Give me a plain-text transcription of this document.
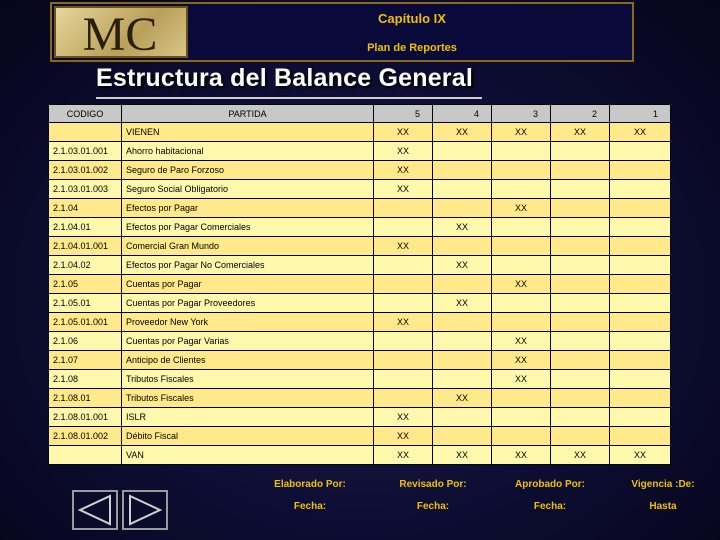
MC	Capítulo IX
Plan de Reportes
Estructura del Balance General
CODIGO	PARTIDA	5	4	3	2	1
	VIENEN	XX	XX	XX	XX	XX
2.1.03.01.001	Ahorro habitacional	XX				
2.1.03.01.002	Seguro de Paro Forzoso	XX				
2.1.03.01.003	Seguro Social Obligatorio	XX				
2.1.04	Efectos por Pagar			XX		
2.1.04.01	Efectos por Pagar Comerciales		XX			
2.1.04.01.001	Comercial Gran Mundo	XX				
2.1.04.02	Efectos por Pagar No Comerciales		XX			
2.1.05	Cuentas por Pagar			XX		
2.1.05.01	Cuentas por Pagar Proveedores		XX			
2.1.05.01.001	Proveedor New York	XX				
2.1.06	Cuentas por Pagar Varias			XX		
2.1.07	Anticipo de Clientes			XX		
2.1.08	Tributos Fiscales			XX		
2.1.08.01	Tributos Fiscales		XX			
2.1.08.01.001	ISLR	XX				
2.1.08.01.002	Débito Fiscal	XX				
	VAN	XX	XX	XX	XX	XX
Elaborado Por:	Revisado Por:	Aprobado Por:	Vigencia :De:
Fecha:	Fecha:	Fecha:	Hasta
